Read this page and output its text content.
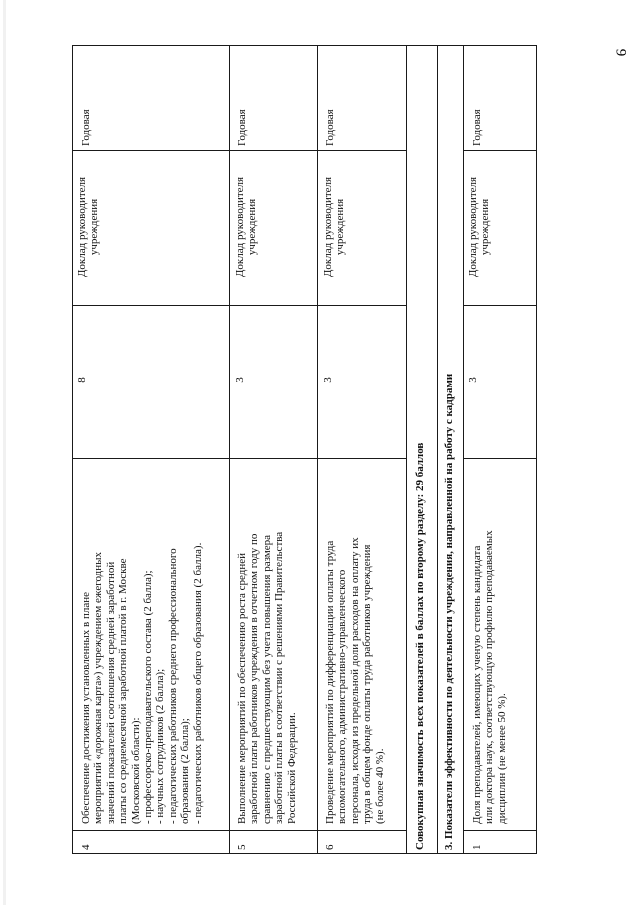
9
4
Обеспечение достижения установленных в плане
мероприятий «дорожная карта») учреждением ежегодных
значений показателей соотношения средней заработной
платы со среднемесячной заработной платой в г. Москве
(Московской области):
- профессорско-преподавательского состава (2 балла);
- научных сотрудников (2 балла);
- педагогических работников среднего профессионального
образования (2 балла);
- педагогических работников общего образования (2 балла).
8
Доклад руководителя
учреждения
Годовая
5
Выполнение мероприятий по обеспечению роста средней
заработной платы работников учреждения в отчетном году по
сравнению с предшествующим без учета повышения размера
заработной платы в соответствии с решениями Правительства
Российской Федерации.
3
Доклад руководителя
учреждения
Годовая
6
Проведение мероприятий по дифференциации оплаты труда
вспомогательного, административно-управленческого
персонала, исходя из предельной доли расходов на оплату их
труда в общем фонде оплаты труда работников учреждения
(не более 40 %).
3
Доклад руководителя
учреждения
Годовая
Совокупная значимость всех показателей в баллах по второму разделу: 29 баллов 3. Показатели эффективности по деятельности учреждения, направленной на работу с кадрами 1
Доля преподавателей, имеющих ученую степень кандидата
или доктора наук, соответствующую профилю преподаваемых
дисциплин (не менее 50 %).
3
Доклад руководителя
учреждения
Годовая
